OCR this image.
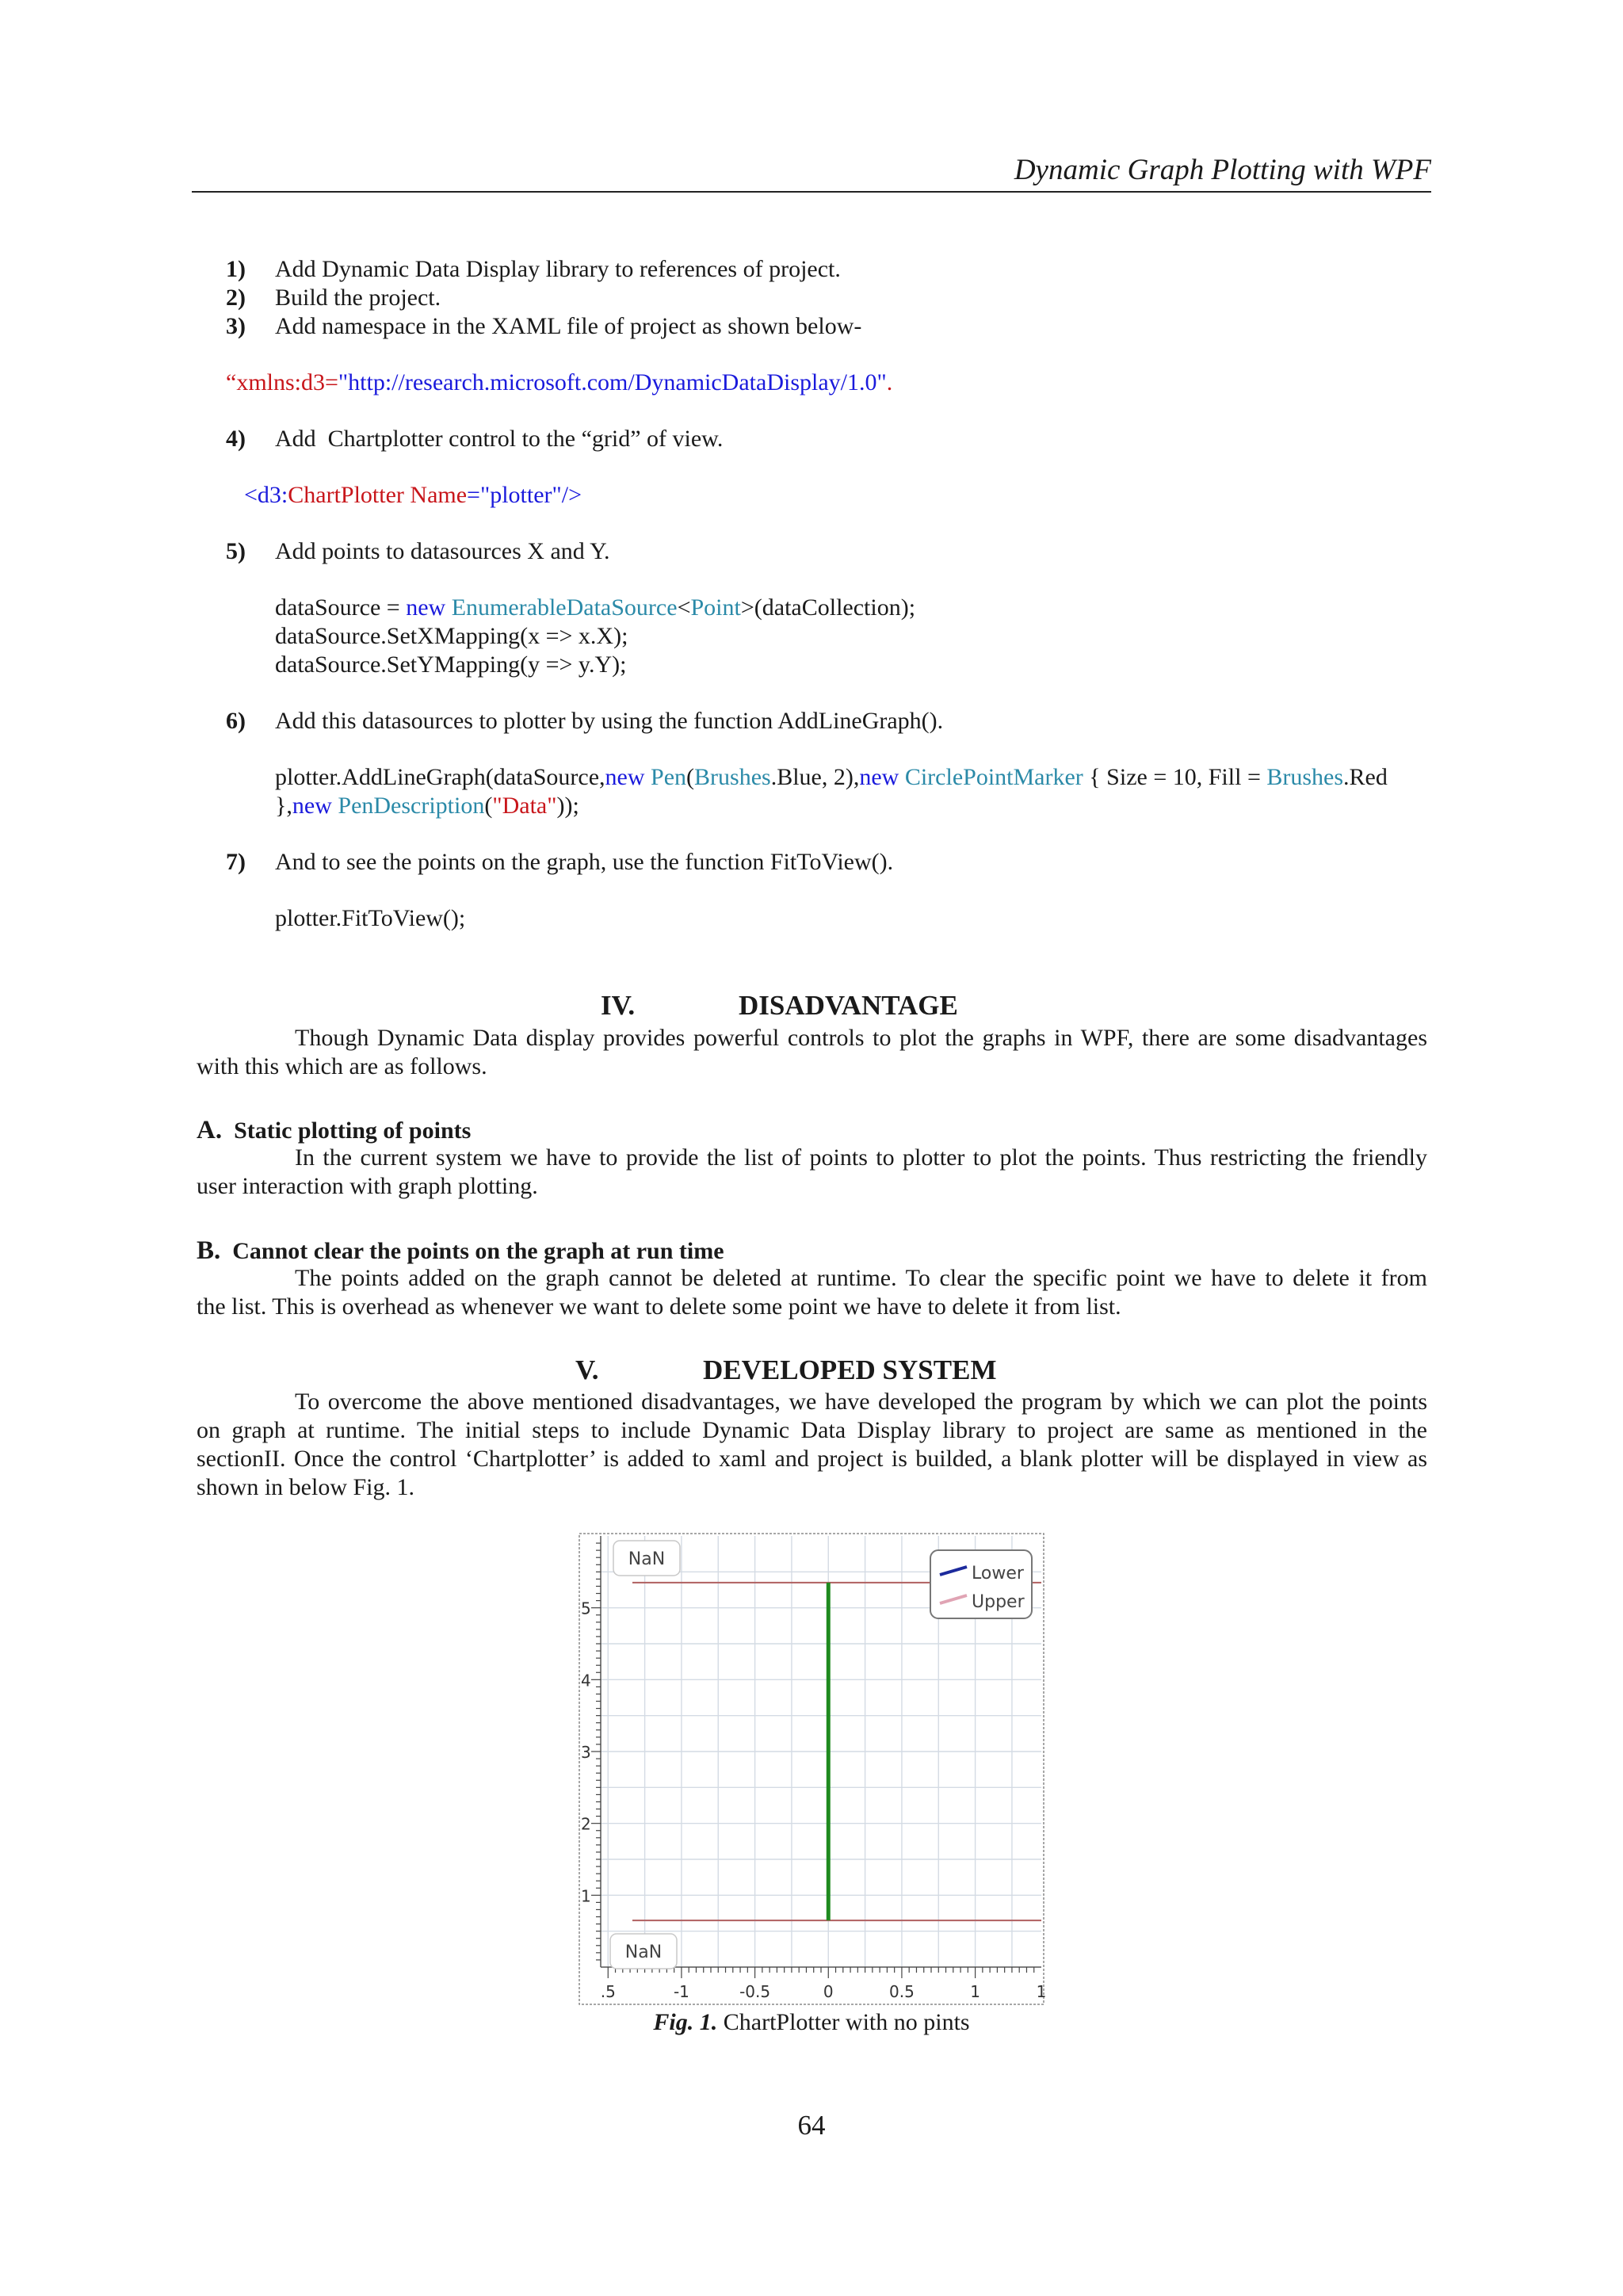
Dynamic Graph Plotting with WPF
1) Add Dynamic Data Display library to references of project.
2) Build the project.
3) Add namespace in the XAML file of project as shown below-
“xmlns:d3="http://research.microsoft.com/DynamicDataDisplay/1.0".
4) Add  Chartplotter control to the “grid” of view.
<d3:ChartPlotter Name="plotter"/>
5) Add points to datasources X and Y.
dataSource = new EnumerableDataSource<Point>(dataCollection);
dataSource.SetXMapping(x => x.X);
dataSource.SetYMapping(y => y.Y);
6) Add this datasources to plotter by using the function AddLineGraph().
plotter.AddLineGraph(dataSource,new Pen(Brushes.Blue, 2),new CirclePointMarker { Size = 10, Fill = Brushes.Red
},new PenDescription("Data"));
7) And to see the points on the graph, use the function FitToView().
plotter.FitToView();
IV.	DISADVANTAGE
Though Dynamic Data display provides powerful controls to plot the graphs in WPF, there are some disadvantages
with this which are as follows.
A. Static plotting of points
In the current system we have to provide the list of points to plotter to plot the points. Thus restricting the friendly
user interaction with graph plotting.
B. Cannot clear the points on the graph at run time
The points added on the graph cannot be deleted at runtime. To clear the specific point we have to delete it from
the list. This is overhead as whenever we want to delete some point we have to delete it from list.
V.	DEVELOPED SYSTEM
To overcome the above mentioned disadvantages, we have developed the program by which we can plot the points
on graph at runtime. The initial steps to include Dynamic Data Display library to project are same as mentioned in the
sectionII. Once the control ‘Chartplotter’ is added to xaml and project is builded, a blank plotter will be displayed in view as
shown in below Fig. 1.
1
2
3
4
5
.5	-1	-0.5	0	0.5	1	1
NaN
NaN
Lower
Upper
Fig. 1. ChartPlotter with no pints
64
